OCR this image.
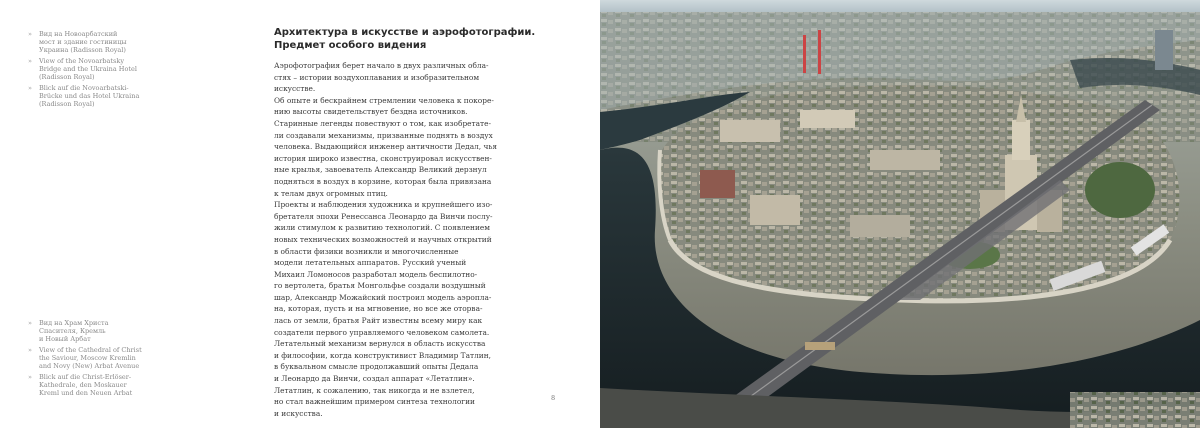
» Вид на Новоарбатский
мост и здание гостиницы
Украина (Radisson Royal)
» View of the Novoarbatsky
Bridge and the Ukraina Hotel
(Radisson Royal)
» Blick auf die Novoarbatski-
Brücke und das Hotel Ukraina
(Radisson Royal)
» Вид на Храм Христа
Спасителя, Кремль
и Новый Арбат
» View of the Cathedral of Christ
the Saviour, Moscow Kremlin
and Novy (New) Arbat Avenue
» Blick auf die Christ-Erlöser-
Kathedrale, den Moskauer
Kreml und den Neuen Arbat
Архитектура в искусстве и аэрофотографии.
Предмет особого видения

Аэрофотография берет начало в двух различных обла-
стях – истории воздухоплавания и изобразительном
искусстве.

Об опыте и бескрайнем стремлении человека к покоре-
нию высоты свидетельствует бездна источников.
Старинные легенды повествуют о том, как изобретате-
ли создавали механизмы, призванные поднять в воздух
человека. Выдающийся инженер античности Дедал, чья
история широко известна, сконструировал искусствен-
ные крылья, завоеватель Александр Великий дерзнул
подняться в воздух в корзине, которая была привязана
к телам двух огромных птиц.

Проекты и наблюдения художника и крупнейшего изо-
бретателя эпохи Ренессанса Леонардо да Винчи послу-
жили стимулом к развитию технологий. С появлением
новых технических возможностей и научных открытий
в области физики возникли и многочисленные
модели летательных аппаратов. Русский ученый
Михаил Ломоносов разработал модель беспилотно-
го вертолета, братья Монгольфье создали воздушный
шар, Александр Можайский построил модель аэропла-
на, которая, пусть и на мгновение, но все же оторва-
лась от земли, братья Райт известны всему миру как
создатели первого управляемого человеком самолета.

Летательный механизм вернулся в область искусства
и философии, когда конструктивист Владимир Татлин,
в буквальном смысле продолжавший опыты Дедала
и Леонардо да Винчи, создал аппарат «Летатлин».
Летатлин, к сожалению, так никогда и не взлетел,
но стал важнейшим примером синтеза технологии
и искусства.

8
